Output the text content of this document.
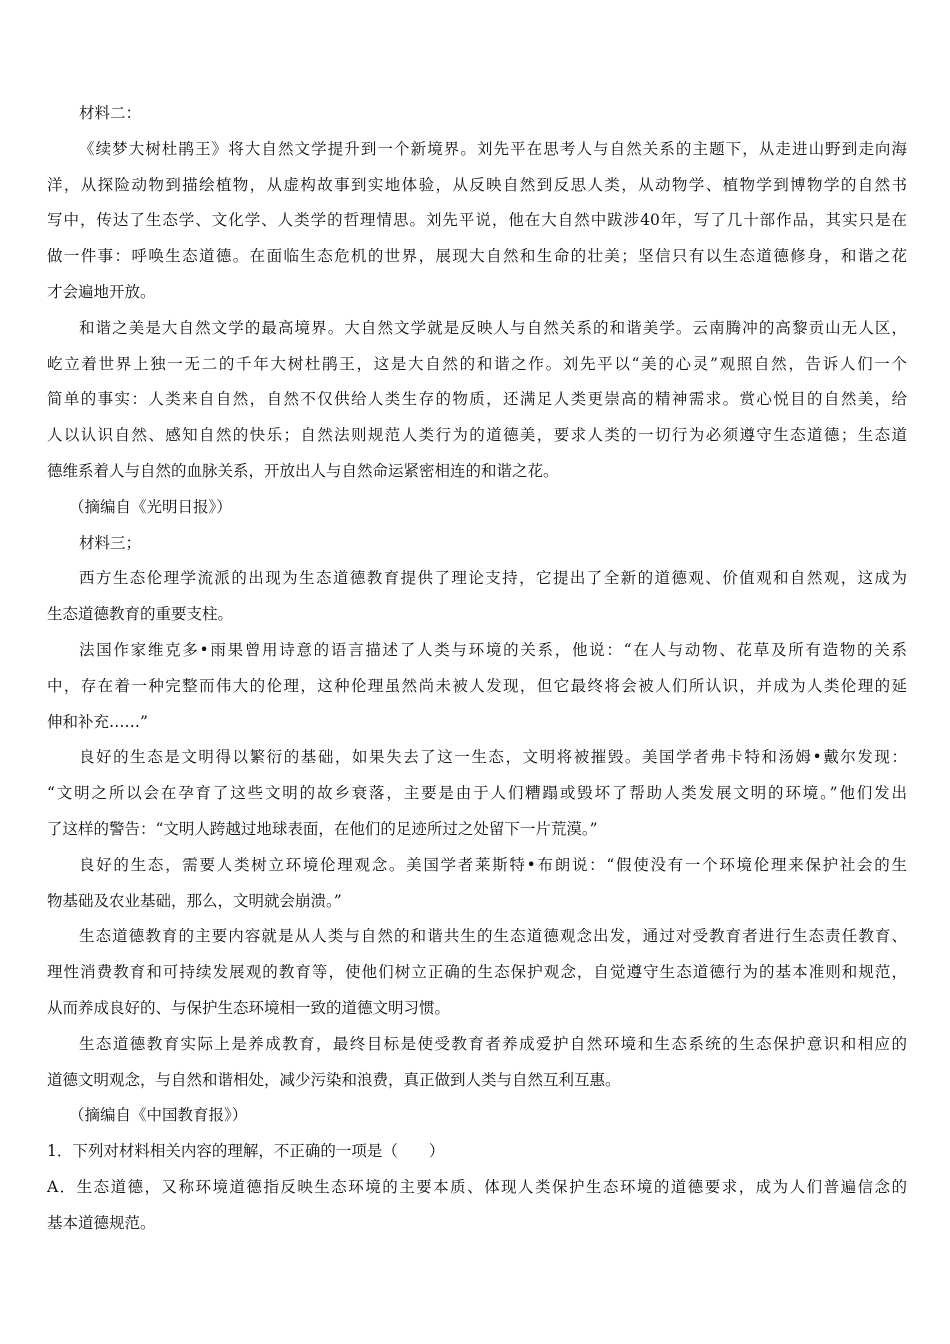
材料二：
《续梦大树杜鹃王》将大自然文学提升到一个新境界。刘先平在思考人与自然关系的主题下，从走进山野到走向海
洋，从探险动物到描绘植物，从虚构故事到实地体验，从反映自然到反思人类，从动物学、植物学到博物学的自然书
写中，传达了生态学、文化学、人类学的哲理情思。刘先平说，他在大自然中跋涉40年，写了几十部作品，其实只是在
做一件事：呼唤生态道德。在面临生态危机的世界，展现大自然和生命的壮美；坚信只有以生态道德修身，和谐之花
才会遍地开放。
和谐之美是大自然文学的最高境界。大自然文学就是反映人与自然关系的和谐美学。云南腾冲的高黎贡山无人区，
屹立着世界上独一无二的千年大树杜鹃王，这是大自然的和谐之作。刘先平以“美的心灵”观照自然，告诉人们一个
简单的事实：人类来自自然，自然不仅供给人类生存的物质，还满足人类更崇高的精神需求。赏心悦目的自然美，给
人以认识自然、感知自然的快乐；自然法则规范人类行为的道德美，要求人类的一切行为必须遵守生态道德；生态道
德维系着人与自然的血脉关系，开放出人与自然命运紧密相连的和谐之花。
（摘编自《光明日报》）
材料三；
西方生态伦理学流派的出现为生态道德教育提供了理论支持，它提出了全新的道德观、价值观和自然观，这成为
生态道德教育的重要支柱。
法国作家维克多•雨果曾用诗意的语言描述了人类与环境的关系，他说：“在人与动物、花草及所有造物的关系
中，存在着一种完整而伟大的伦理，这种伦理虽然尚未被人发现，但它最终将会被人们所认识，并成为人类伦理的延
伸和补充……”
良好的生态是文明得以繁衍的基础，如果失去了这一生态，文明将被摧毁。美国学者弗卡特和汤姆•戴尔发现：
“文明之所以会在孕育了这些文明的故乡衰落，主要是由于人们糟蹋或毁坏了帮助人类发展文明的环境。”他们发出
了这样的警告：“文明人跨越过地球表面，在他们的足迹所过之处留下一片荒漠。”
良好的生态，需要人类树立环境伦理观念。美国学者莱斯特•布朗说：“假使没有一个环境伦理来保护社会的生
物基础及农业基础，那么，文明就会崩溃。”
生态道德教育的主要内容就是从人类与自然的和谐共生的生态道德观念出发，通过对受教育者进行生态责任教育、
理性消费教育和可持续发展观的教育等，使他们树立正确的生态保护观念，自觉遵守生态道德行为的基本准则和规范，
从而养成良好的、与保护生态环境相一致的道德文明习惯。
生态道德教育实际上是养成教育，最终目标是使受教育者养成爱护自然环境和生态系统的生态保护意识和相应的
道德文明观念，与自然和谐相处，减少污染和浪费，真正做到人类与自然互利互惠。
（摘编自《中国教育报》）
1．下列对材料相关内容的理解，不正确的一项是（　　）
A．生态道德，又称环境道德指反映生态环境的主要本质、体现人类保护生态环境的道德要求，成为人们普遍信念的
基本道德规范。
